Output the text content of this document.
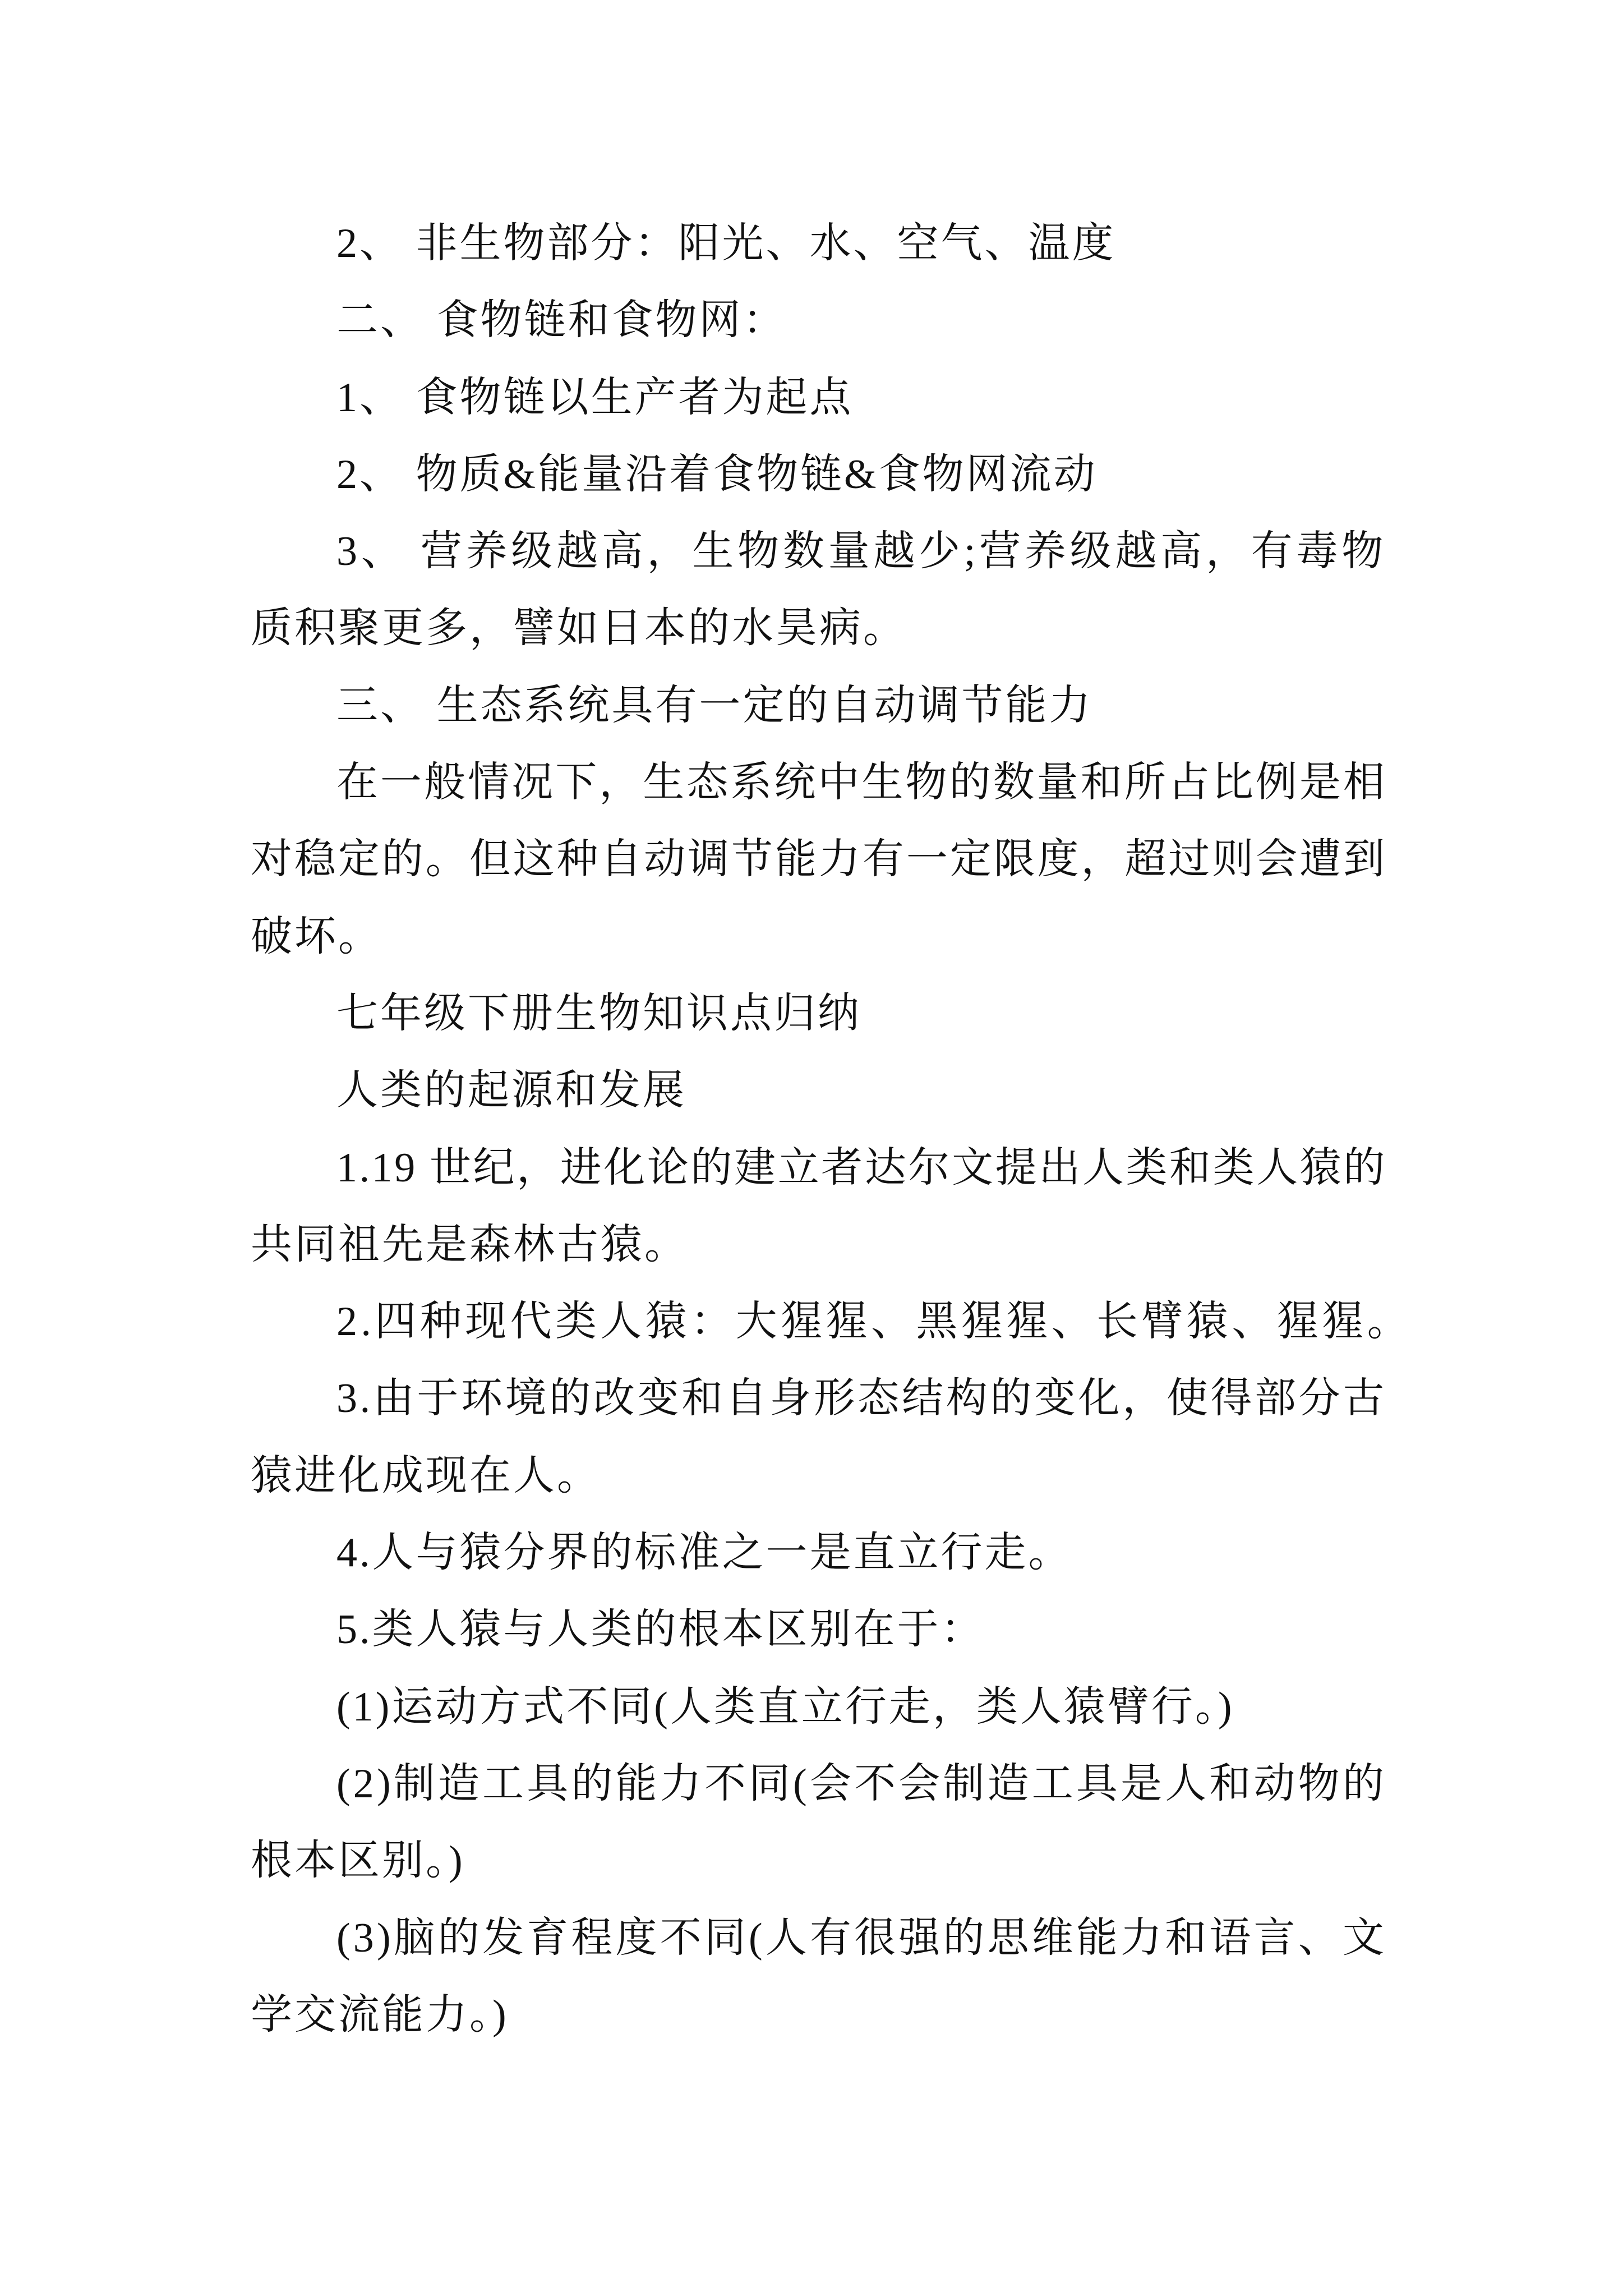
2、 非生物部分：阳光、水、空气、温度
二、 食物链和食物网：
1、 食物链以生产者为起点
2、 物质&能量沿着食物链&食物网流动
3、 营养级越高，生物数量越少;营养级越高，有毒物
质积聚更多，譬如日本的水昊病。
三、 生态系统具有一定的自动调节能力
在一般情况下，生态系统中生物的数量和所占比例是相
对稳定的。但这种自动调节能力有一定限度，超过则会遭到
破坏。
七年级下册生物知识点归纳
人类的起源和发展
1.19 世纪，进化论的建立者达尔文提出人类和类人猿的
共同祖先是森林古猿。
2.四种现代类人猿：大猩猩、黑猩猩、长臂猿、猩猩。
3.由于环境的改变和自身形态结构的变化，使得部分古
猿进化成现在人。
4.人与猿分界的标准之一是直立行走。
5.类人猿与人类的根本区别在于：
(1)运动方式不同(人类直立行走，类人猿臂行。)
(2)制造工具的能力不同(会不会制造工具是人和动物的
根本区别。)
(3)脑的发育程度不同(人有很强的思维能力和语言、文
学交流能力。)
